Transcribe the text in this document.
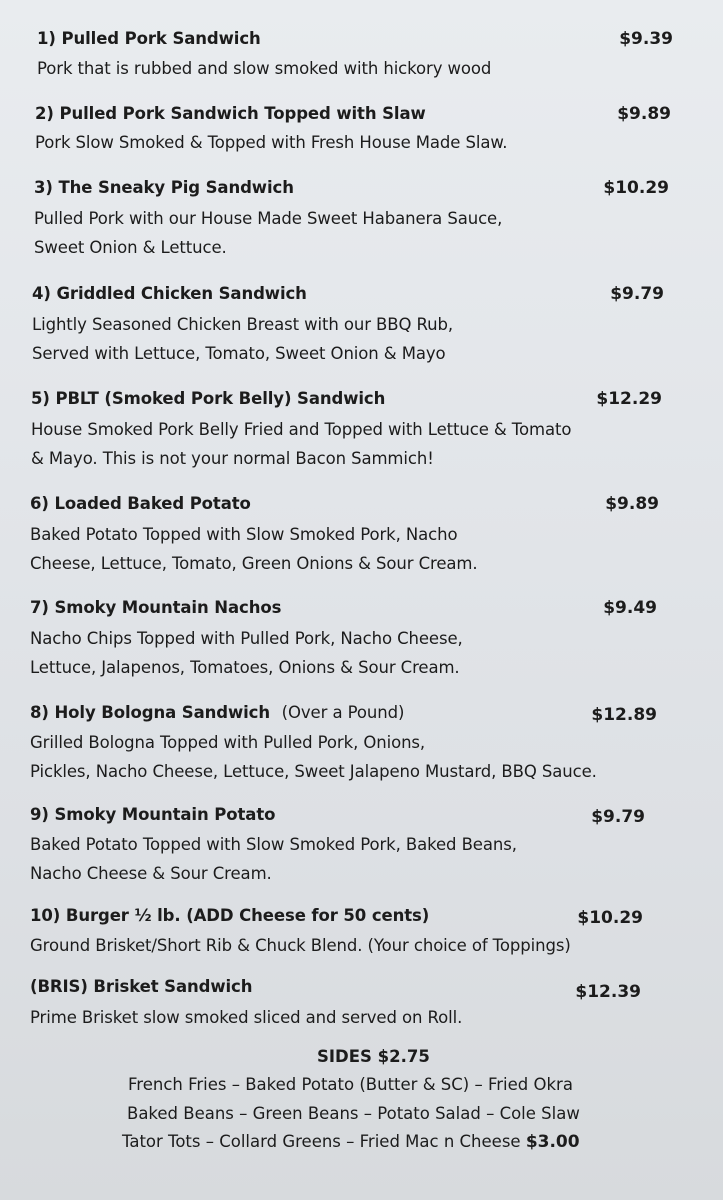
1) Pulled Pork Sandwich	$9.39
Pork that is rubbed and slow smoked with hickory wood
2) Pulled Pork Sandwich Topped with Slaw	$9.89
Pork Slow Smoked & Topped with Fresh House Made Slaw.
3) The Sneaky Pig Sandwich	$10.29
Pulled Pork with our House Made Sweet Habanera Sauce,
Sweet Onion & Lettuce.
4) Griddled Chicken Sandwich	$9.79
Lightly Seasoned Chicken Breast with our BBQ Rub,
Served with Lettuce, Tomato, Sweet Onion & Mayo
5) PBLT (Smoked Pork Belly) Sandwich	$12.29
House Smoked Pork Belly Fried and Topped with Lettuce & Tomato
& Mayo. This is not your normal Bacon Sammich!
6) Loaded Baked Potato	$9.89
Baked Potato Topped with Slow Smoked Pork, Nacho
Cheese, Lettuce, Tomato, Green Onions & Sour Cream.
7) Smoky Mountain Nachos	$9.49
Nacho Chips Topped with Pulled Pork, Nacho Cheese,
Lettuce, Jalapenos, Tomatoes, Onions & Sour Cream.
8) Holy Bologna Sandwich (Over a Pound)	$12.89
Grilled Bologna Topped with Pulled Pork, Onions,
Pickles, Nacho Cheese, Lettuce, Sweet Jalapeno Mustard, BBQ Sauce.
9) Smoky Mountain Potato	$9.79
Baked Potato Topped with Slow Smoked Pork, Baked Beans,
Nacho Cheese & Sour Cream.
10) Burger ½ lb. (ADD Cheese for 50 cents)	$10.29
Ground Brisket/Short Rib & Chuck Blend. (Your choice of Toppings)
(BRIS) Brisket Sandwich	$12.39
Prime Brisket slow smoked sliced and served on Roll.
SIDES $2.75
French Fries – Baked Potato (Butter & SC) – Fried Okra
Baked Beans – Green Beans – Potato Salad – Cole Slaw
Tator Tots – Collard Greens – Fried Mac n Cheese $3.00
